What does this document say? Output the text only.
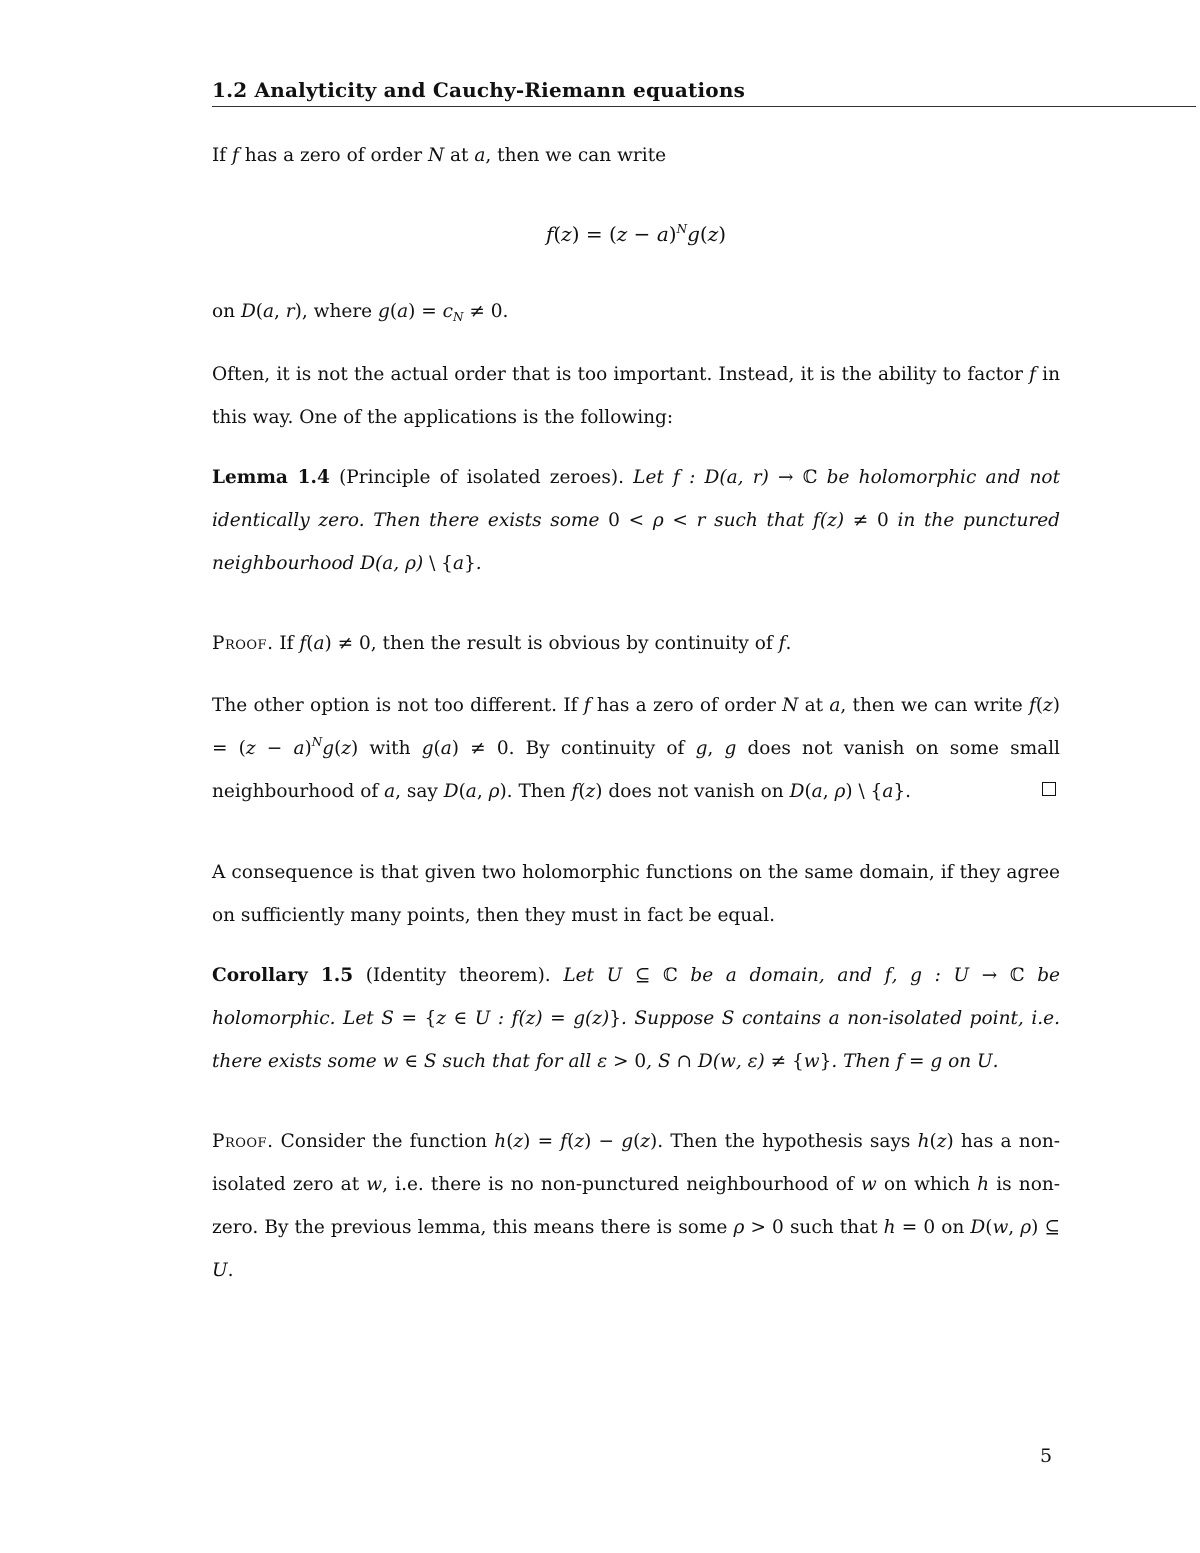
1.2 Analyticity and Cauchy-Riemann equations
If f has a zero of order N at a, then we can write
$f(z) = (z - a)^Ng(z)$
on D(a, r), where $g(a) = c_N \ne 0$.
Often, it is not the actual order that is too important. Instead, it is the ability to factor f in this way. One of the applications is the following:
Lemma 1.4 (Principle of isolated zeroes). Let f : D(a, r) → ℂ be holomorphic and not identically zero. Then there exists some 0 < ρ < r such that f(z) ≠ 0 in the punctured neighbourhood D(a, ρ) \ {a}.
Proof. If f(a) ≠ 0, then the result is obvious by continuity of f.
The other option is not too different. If f has a zero of order N at a, then we can write $f(z) = (z - a)^Ng(z)$ with g(a) ≠ 0. By continuity of g, g does not vanish on some small neighbourhood of a, say D(a, ρ). Then f(z) does not vanish on D(a, ρ) \ {a}.
A consequence is that given two holomorphic functions on the same domain, if they agree on sufficiently many points, then they must in fact be equal.
Corollary 1.5 (Identity theorem). Let U ⊆ ℂ be a domain, and f, g : U → ℂ be holomorphic. Let S = {z ∈ U : f(z) = g(z)}. Suppose S contains a non-isolated point, i.e. there exists some w ∈ S such that for all ε > 0, S ∩ D(w, ε) ≠ {w}. Then f = g on U.
Proof. Consider the function h(z) = f(z) − g(z). Then the hypothesis says h(z) has a non-isolated zero at w, i.e. there is no non-punctured neighbourhood of w on which h is non-zero. By the previous lemma, this means there is some ρ > 0 such that h = 0 on D(w, ρ) ⊆ U.
5
